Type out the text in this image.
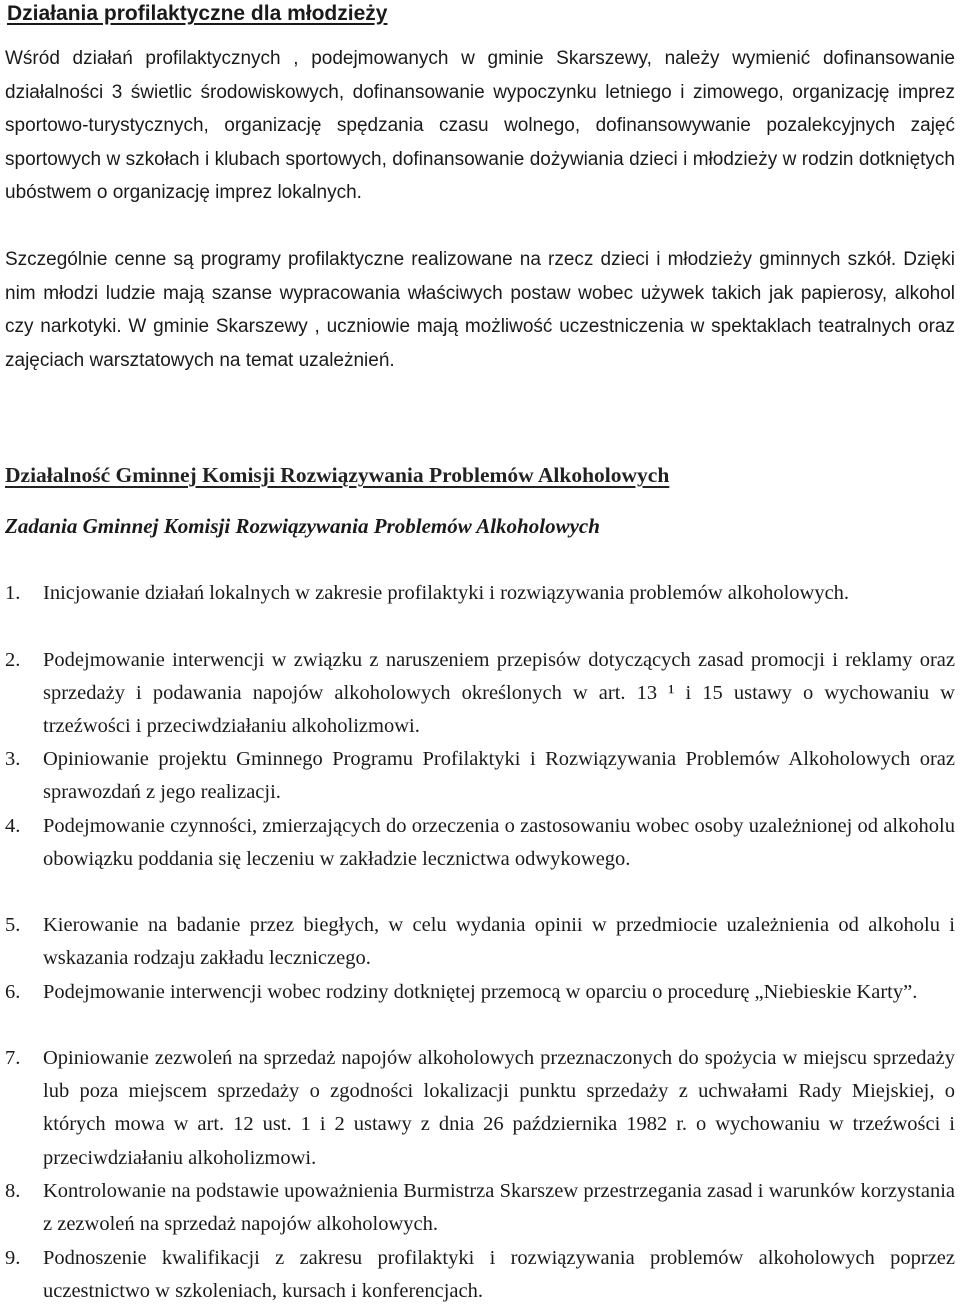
Działania profilaktyczne dla młodzieży

Wśród działań profilaktycznych , podejmowanych w gminie Skarszewy, należy wymienić dofinansowanie działalności 3 świetlic środowiskowych, dofinansowanie wypoczynku letniego i zimowego, organizację imprez sportowo-turystycznych, organizację spędzania czasu wolnego, dofinansowywanie pozalekcyjnych zajęć sportowych w szkołach i klubach sportowych, dofinansowanie dożywiania dzieci i młodzieży w rodzin dotkniętych ubóstwem o organizację imprez lokalnych.

Szczególnie cenne są programy profilaktyczne realizowane na rzecz dzieci i młodzieży gminnych szkół. Dzięki nim młodzi ludzie mają szanse wypracowania właściwych postaw wobec używek takich jak papierosy, alkohol czy narkotyki. W gminie Skarszewy , uczniowie mają możliwość uczestniczenia w spektaklach teatralnych oraz zajęciach warsztatowych na temat uzależnień.

Działalność Gminnej Komisji Rozwiązywania Problemów Alkoholowych
Zadania Gminnej Komisji Rozwiązywania Problemów Alkoholowych
1.	Inicjowanie działań lokalnych w zakresie profilaktyki i rozwiązywania problemów alkoholowych.
2.	Podejmowanie interwencji w związku z naruszeniem przepisów dotyczących zasad promocji i reklamy oraz sprzedaży i podawania napojów alkoholowych określonych w art. 13 ¹ i 15 ustawy o wychowaniu w trzeźwości i przeciwdziałaniu alkoholizmowi.
3.	Opiniowanie projektu Gminnego Programu Profilaktyki i Rozwiązywania Problemów Alkoholowych oraz sprawozdań z jego realizacji.
4.	Podejmowanie czynności, zmierzających do orzeczenia o zastosowaniu wobec osoby uzależnionej od alkoholu obowiązku poddania się leczeniu w zakładzie lecznictwa odwykowego.
5.	Kierowanie na badanie przez biegłych, w celu wydania opinii w przedmiocie uzależnienia od alkoholu i wskazania rodzaju zakładu leczniczego.
6.	Podejmowanie interwencji wobec rodziny dotkniętej przemocą w oparciu o procedurę „Niebieskie Karty”.
7.	Opiniowanie zezwoleń na sprzedaż napojów alkoholowych przeznaczonych do spożycia w miejscu sprzedaży lub poza miejscem sprzedaży o zgodności lokalizacji punktu sprzedaży z uchwałami Rady Miejskiej, o których mowa w art. 12 ust. 1 i 2 ustawy z dnia 26 października 1982 r. o wychowaniu w trzeźwości i przeciwdziałaniu alkoholizmowi.
8.	Kontrolowanie na podstawie upoważnienia Burmistrza Skarszew przestrzegania zasad i warunków korzystania z zezwoleń na sprzedaż napojów alkoholowych.
9.	Podnoszenie kwalifikacji z zakresu profilaktyki i rozwiązywania problemów alkoholowych poprzez uczestnictwo w szkoleniach, kursach i konferencjach.
